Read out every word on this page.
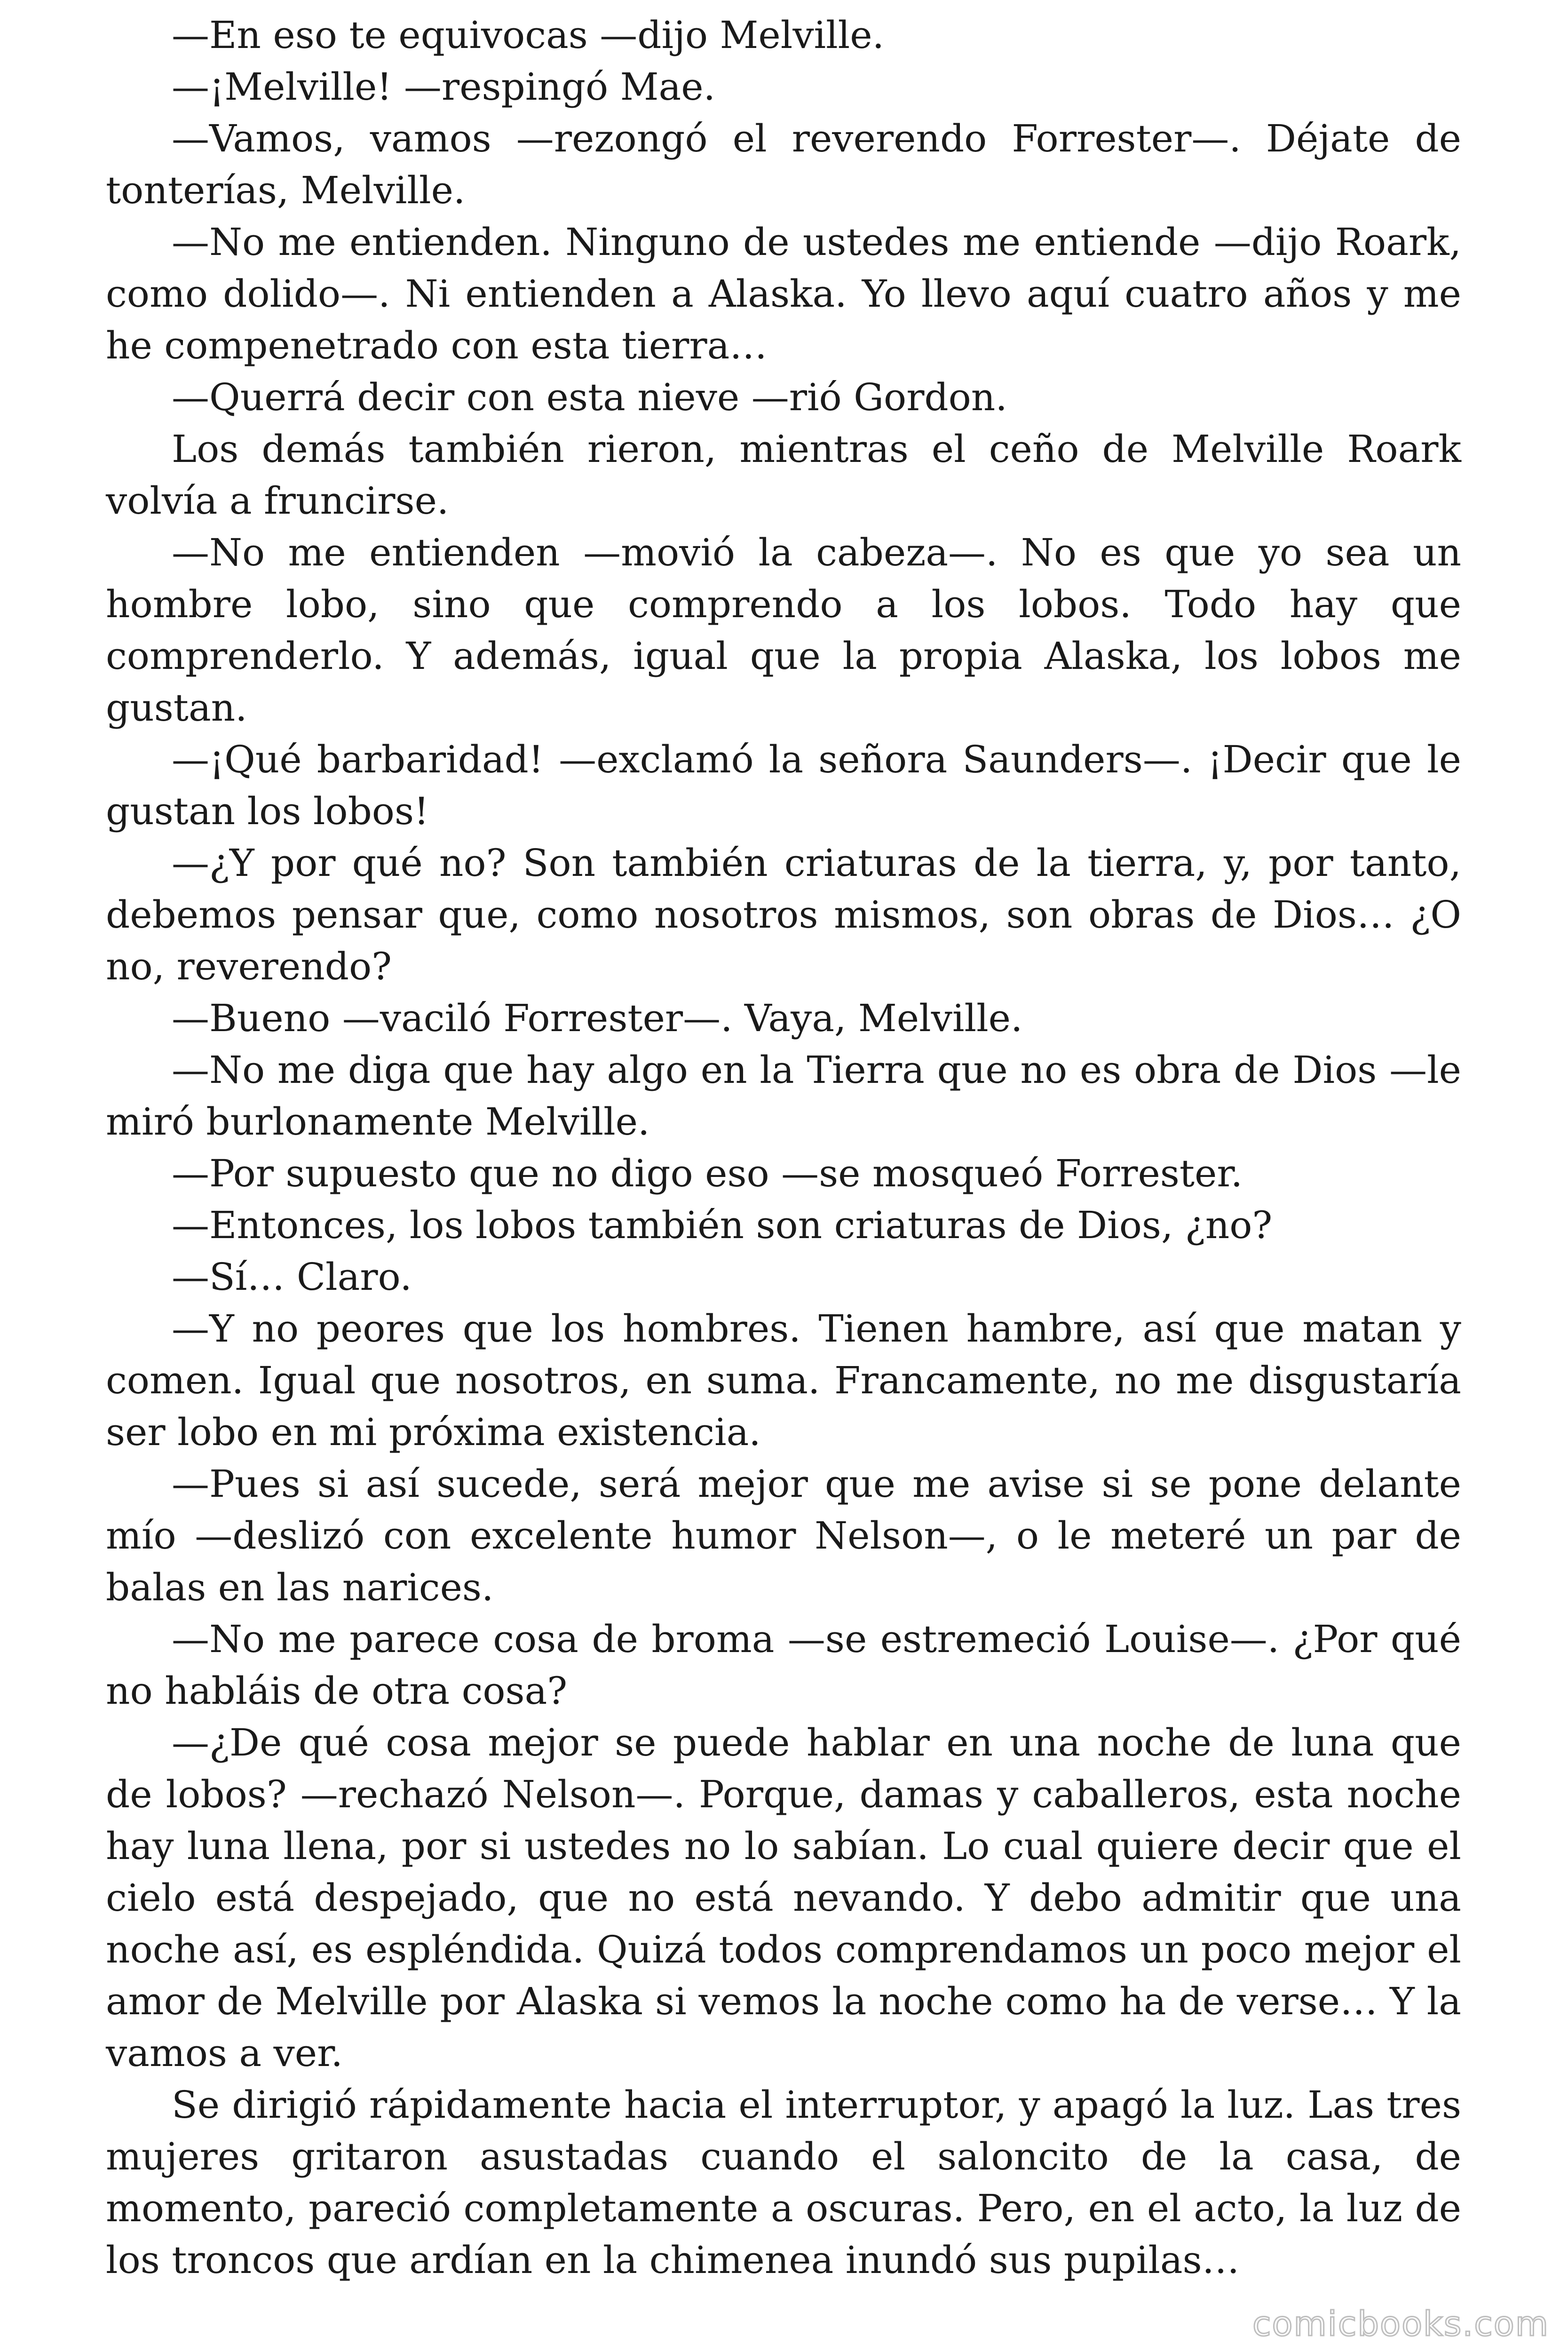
—En eso te equivocas —dijo Melville.

—¡Melville! —respingó Mae.

—Vamos, vamos —rezongó el reverendo Forrester—. Déjate de tonterías, Melville.

—No me entienden. Ninguno de ustedes me entiende —dijo Roark, como dolido—. Ni entienden a Alaska. Yo llevo aquí cuatro años y me he compenetrado con esta tierra…

—Querrá decir con esta nieve —rió Gordon.

Los demás también rieron, mientras el ceño de Melville Roark volvía a fruncirse.

—No me entienden —movió la cabeza—. No es que yo sea un hombre lobo, sino que comprendo a los lobos. Todo hay que comprenderlo. Y además, igual que la propia Alaska, los lobos me gustan.

—¡Qué barbaridad! —exclamó la señora Saunders—. ¡Decir que le gustan los lobos!

—¿Y por qué no? Son también criaturas de la tierra, y, por tanto, debemos pensar que, como nosotros mismos, son obras de Dios… ¿O no, reverendo?

—Bueno —vaciló Forrester—. Vaya, Melville.

—No me diga que hay algo en la Tierra que no es obra de Dios —le miró burlonamente Melville.

—Por supuesto que no digo eso —se mosqueó Forrester.

—Entonces, los lobos también son criaturas de Dios, ¿no?

—Sí… Claro.

—Y no peores que los hombres. Tienen hambre, así que matan y comen. Igual que nosotros, en suma. Francamente, no me disgustaría ser lobo en mi próxima existencia.

—Pues si así sucede, será mejor que me avise si se pone delante mío —deslizó con excelente humor Nelson—, o le meteré un par de balas en las narices.

—No me parece cosa de broma —se estremeció Louise—. ¿Por qué no habláis de otra cosa?

—¿De qué cosa mejor se puede hablar en una noche de luna que de lobos? —rechazó Nelson—. Porque, damas y caballeros, esta noche hay luna llena, por si ustedes no lo sabían. Lo cual quiere decir que el cielo está despejado, que no está nevando. Y debo admitir que una noche así, es espléndida. Quizá todos comprendamos un poco mejor el amor de Melville por Alaska si vemos la noche como ha de verse… Y la vamos a ver.

Se dirigió rápidamente hacia el interruptor, y apagó la luz. Las tres mujeres gritaron asustadas cuando el saloncito de la casa, de momento, pareció completamente a oscuras. Pero, en el acto, la luz de los troncos que ardían en la chimenea inundó sus pupilas…

comicbooks.com
